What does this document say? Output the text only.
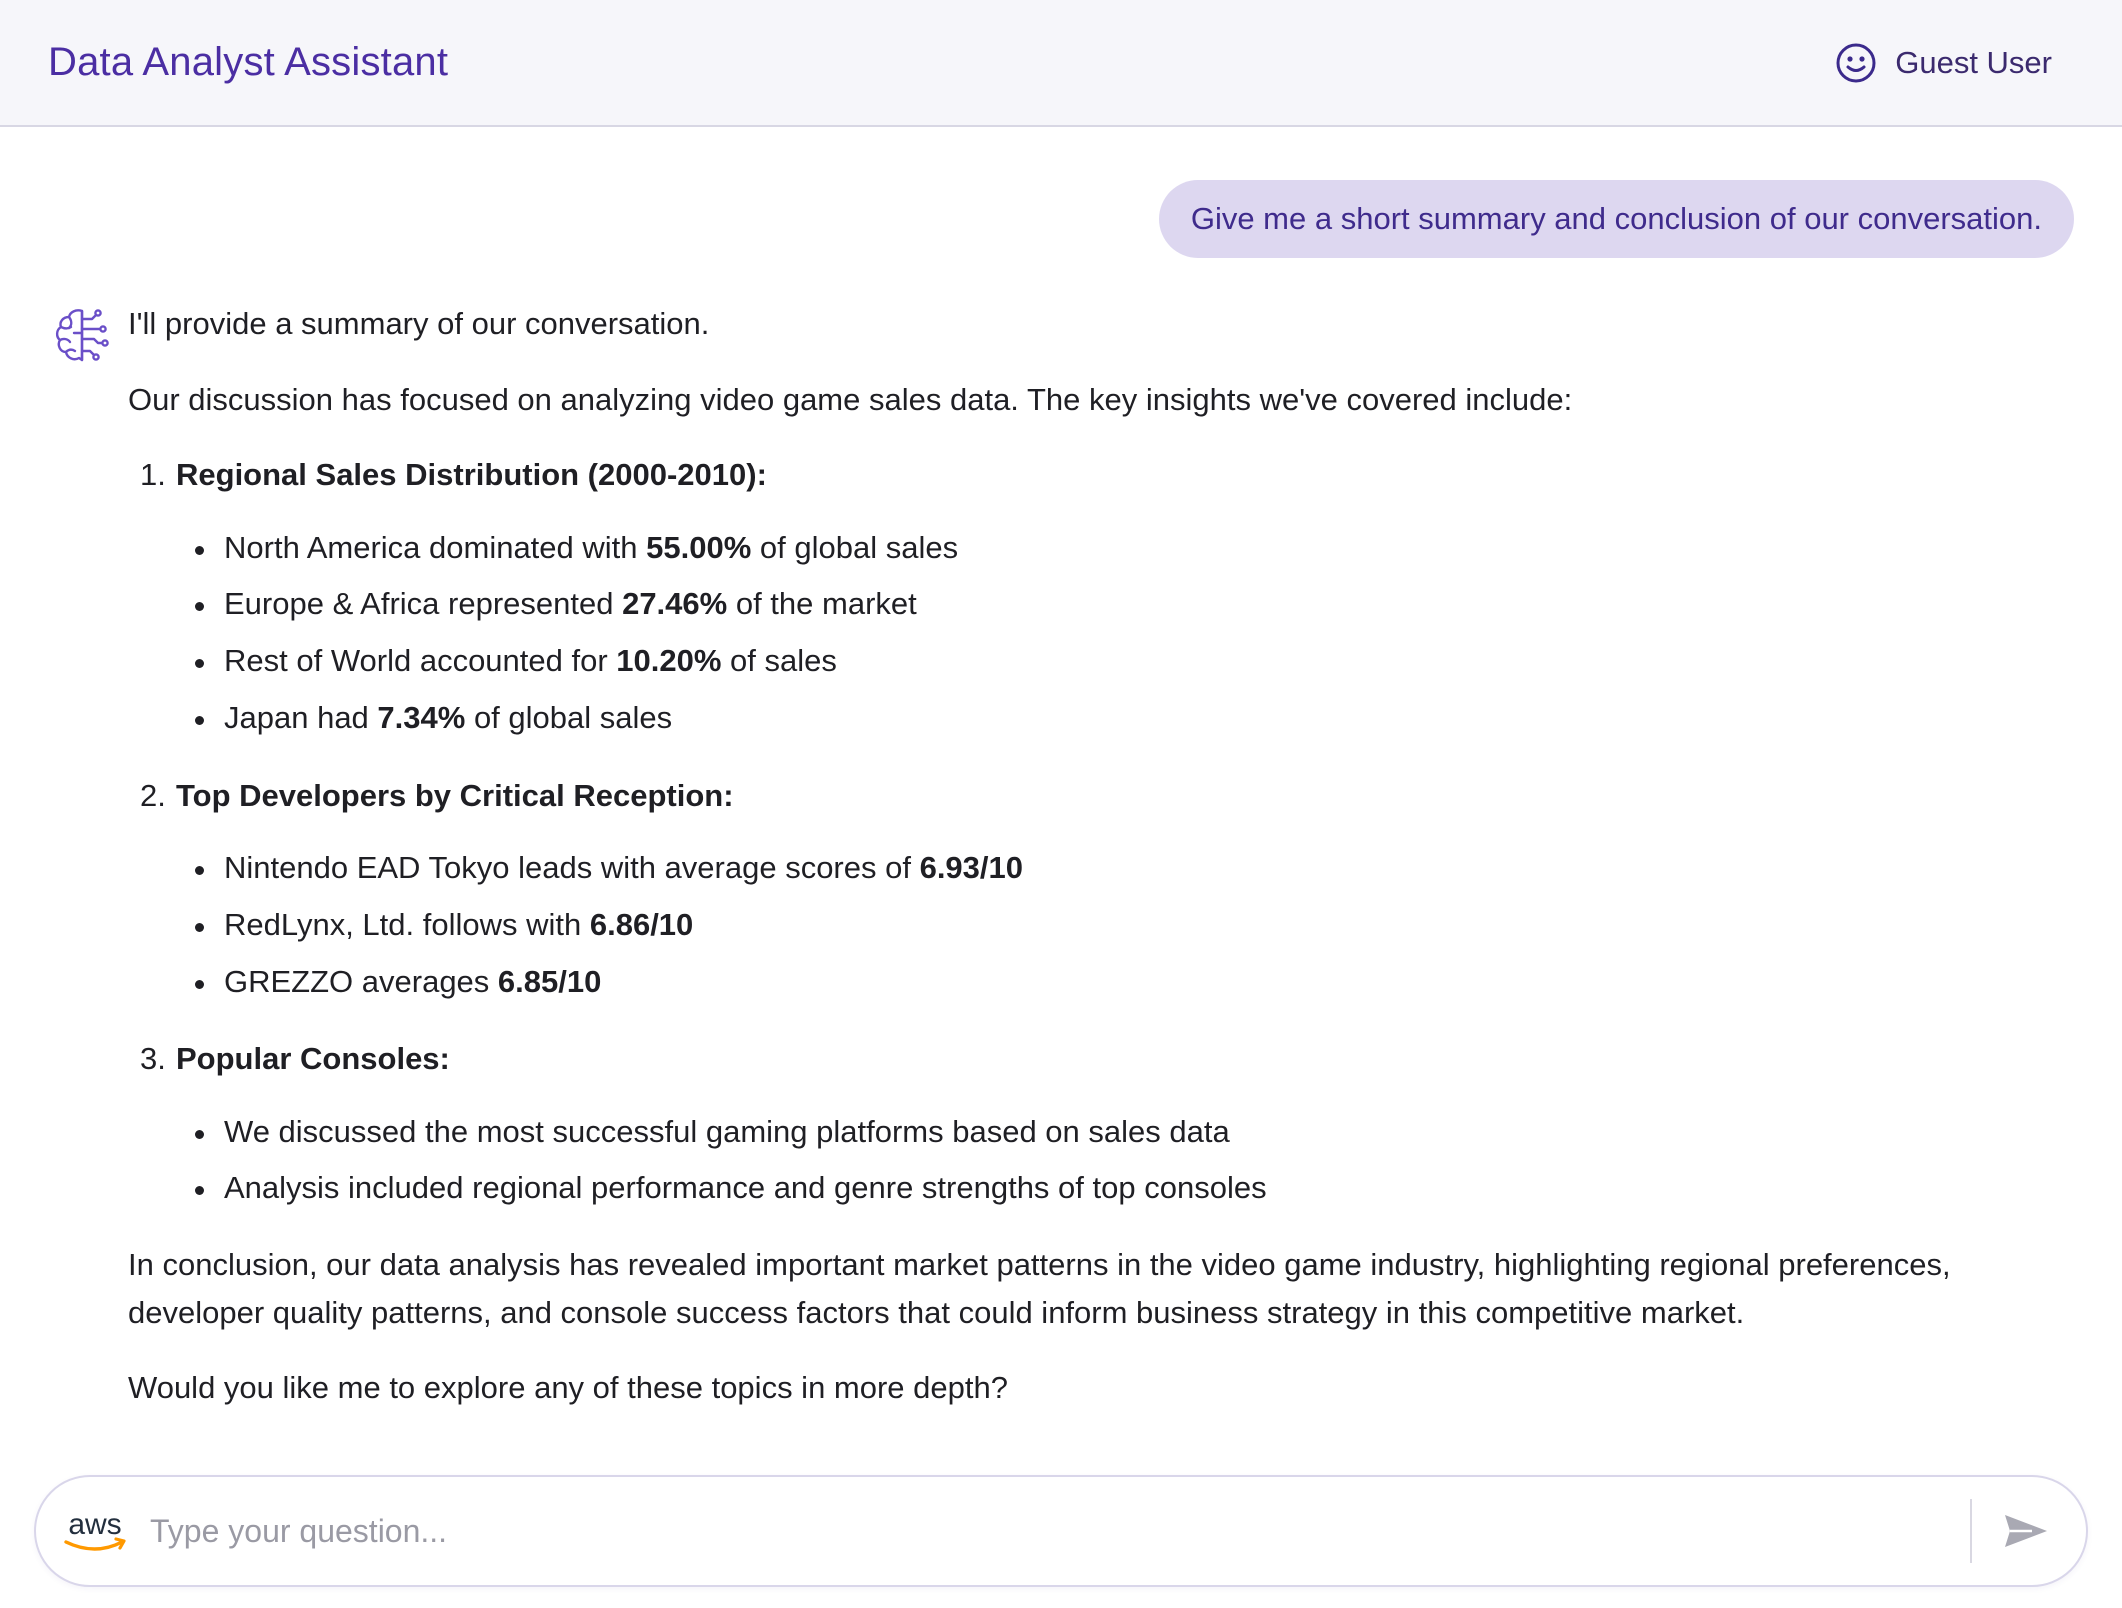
Data Analyst Assistant	Guest User
Give me a short summary and conclusion of our conversation.

I'll provide a summary of our conversation.

Our discussion has focused on analyzing video game sales data. The key insights we've covered include:

1. Regional Sales Distribution (2000-2010):
North America dominated with 55.00% of global sales
Europe & Africa represented 27.46% of the market
Rest of World accounted for 10.20% of sales
Japan had 7.34% of global sales
2. Top Developers by Critical Reception:
Nintendo EAD Tokyo leads with average scores of 6.93/10
RedLynx, Ltd. follows with 6.86/10
GREZZO averages 6.85/10
3. Popular Consoles:
We discussed the most successful gaming platforms based on sales data
Analysis included regional performance and genre strengths of top consoles

In conclusion, our data analysis has revealed important market patterns in the video game industry, highlighting regional preferences, developer quality patterns, and console success factors that could inform business strategy in this competitive market.

Would you like me to explore any of these topics in more depth?

aws
Type your question...
